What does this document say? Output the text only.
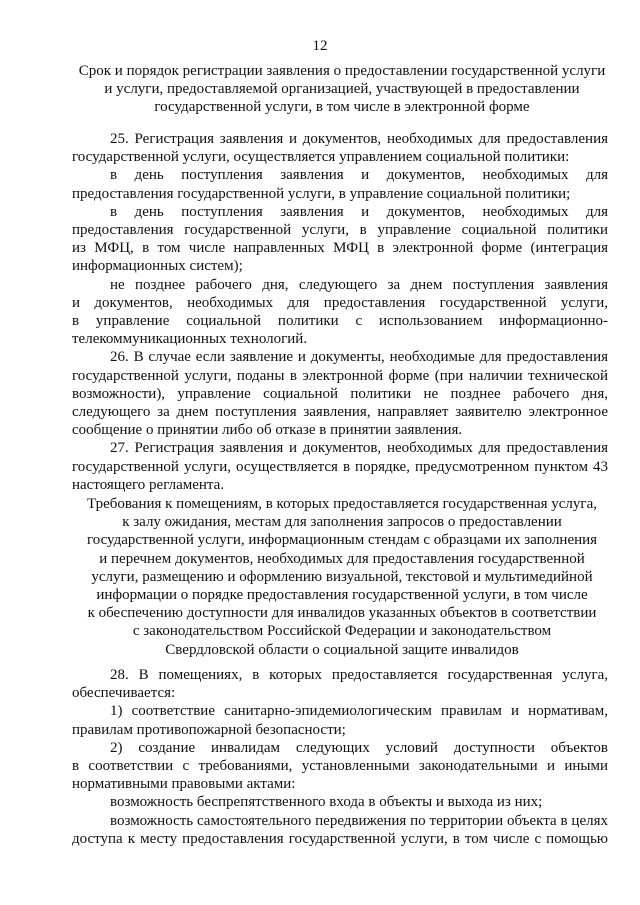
12
Срок и порядок регистрации заявления о предоставлении государственной услуги
и услуги, предоставляемой организацией, участвующей в предоставлении
государственной услуги, в том числе в электронной форме

25. Регистрация заявления и документов, необходимых для предоставления
государственной услуги, осуществляется управлением социальной политики:

в день поступления заявления и документов, необходимых для
предоставления государственной услуги, в управление социальной политики;

в день поступления заявления и документов, необходимых для
предоставления государственной услуги, в управление социальной политики
из МФЦ, в том числе направленных МФЦ в электронной форме (интеграция
информационных систем);

не позднее рабочего дня, следующего за днем поступления заявления
и документов, необходимых для предоставления государственной услуги,
в управление социальной политики с использованием информационно-
телекоммуникационных технологий.

26. В случае если заявление и документы, необходимые для предоставления
государственной услуги, поданы в электронной форме (при наличии технической
возможности), управление социальной политики не позднее рабочего дня,
следующего за днем поступления заявления, направляет заявителю электронное
сообщение о принятии либо об отказе в принятии заявления.

27. Регистрация заявления и документов, необходимых для предоставления
государственной услуги, осуществляется в порядке, предусмотренном пунктом 43
настоящего регламента.

Требования к помещениям, в которых предоставляется государственная услуга,
к залу ожидания, местам для заполнения запросов о предоставлении
государственной услуги, информационным стендам с образцами их заполнения
и перечнем документов, необходимых для предоставления государственной
услуги, размещению и оформлению визуальной, текстовой и мультимедийной
информации о порядке предоставления государственной услуги, в том числе
к обеспечению доступности для инвалидов указанных объектов в соответствии
с законодательством Российской Федерации и законодательством
Свердловской области о социальной защите инвалидов

28. В помещениях, в которых предоставляется государственная услуга,
обеспечивается:

1) соответствие санитарно-эпидемиологическим правилам и нормативам,
правилам противопожарной безопасности;

2) создание инвалидам следующих условий доступности объектов
в соответствии с требованиями, установленными законодательными и иными
нормативными правовыми актами:

возможность беспрепятственного входа в объекты и выхода из них;

возможность самостоятельного передвижения по территории объекта в целях
доступа к месту предоставления государственной услуги, в том числе с помощью
